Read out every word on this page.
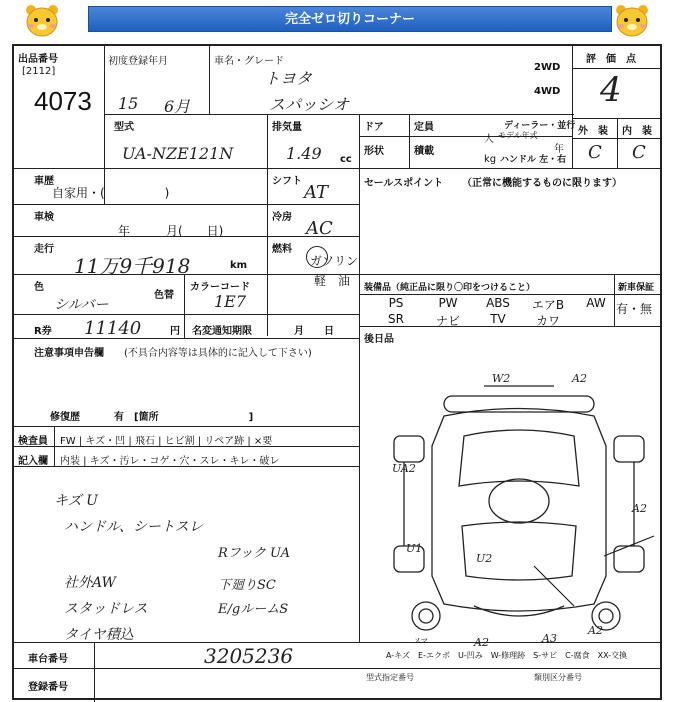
完全ゼロ切りコーナー
出品番号
[2112]
4073
初度登録年月
15 6月
車名・グレード
トヨタ
スパッシオ
2WD
4WD
評　価　点
4
型式
UA-NZE121N
排気量
1.49 cc
ドア	定員
人
ディーラー・並行
モデル年式
年
形状	積載
kg ハンドル 左・右
外　装 内　装
C C
車歴
自家用・(　　　　　)
シフト
AT
車検
年　　　月(　　日)
冷房
AC
走行
11万9千918	km
燃料
ガソリン
軽　油
色
シルバー
色替
カラーコード
1E7
R券 11140	円 名変通知期限	月　　日
注意事項申告欄 (不具合内容等は具体的に記入して下さい)
修復歴	有　[箇所　　　　　　　　　]
セールスポイント （正常に機能するものに限ります）
装備品（純正品に限り〇印をつけること）	新車保証
PS	PW	ABS	エアB	AW
SR	ナビ	TV	カワ
有・無
後日品
検査員 FW | キズ・凹 | 飛石 | ヒビ割 | リペア跡 | ×要
記入欄 内装 | キズ・汚レ・コゲ・穴・スレ・キレ・破レ
キズ U
ハンドル、シートスレ
社外AW
スタッドレス
タイヤ積込
Rフック UA
下廻りSC
E/gルームS
W2	A2
UA2
A2
U1
U2
A2	A3
A2
スマ
A-キズ　E-エクボ　U-凹み　W-修理跡　S-サビ　C-腐食　XX-交換
車台番号	3205236
登録番号
型式指定番号	類別区分番号
